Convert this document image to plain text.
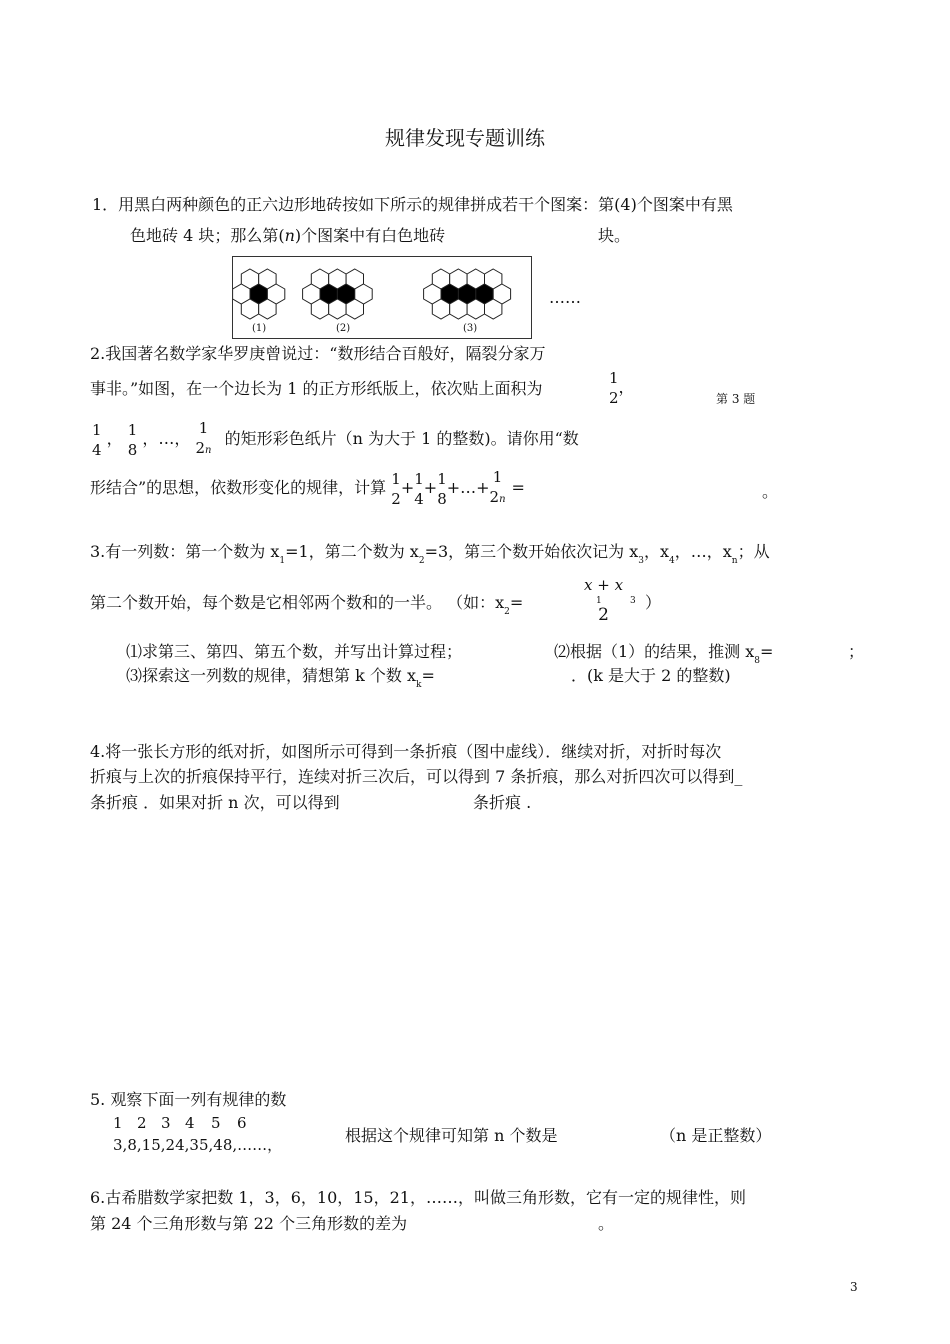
规律发现专题训练
1．用黑白两种颜色的正六边形地砖按如下所示的规律拼成若干个图案：第(4)个图案中有黑
色地砖 4 块；那么第(n)个图案中有白色地砖	块。
(1)	(2)	(3)
……
2.我国著名数学家华罗庚曾说过：“数形结合百般好，隔裂分家万
事非。”如图，在一个边长为 1 的正方形纸版上，依次贴上面积为
1
2
，
第 3 题
1
4
， 1
8
，…，
1
2n
的矩形彩色纸片（n 为大于 1 的整数)。请你用“数
形结合”的思想，依数形变化的规律，计算 1
2
+ 1
4
+ 1
8
+…+
1
2n
=	。
3.有一列数：第一个数为 $x_1=1$，第二个数为 $x_2=3$，第三个数开始依次记为 $x_3$，$x_4$，…，$x_n$；从
第二个数开始，每个数是它相邻两个数和的一半。 （如：$x_2=$
x + x
1	3
2
）
⑴求第三、第四、第五个数，并写出计算过程；	⑵根据（1）的结果，推测 $x_8=$	；
⑶探索这一列数的规律，猜想第 k 个数 $x_k=$	．(k 是大于 2 的整数)
4.将一张长方形的纸对折，如图所示可得到一条折痕（图中虚线）．继续对折，对折时每次
折痕与上次的折痕保持平行，连续对折三次后，可以得到 7 条折痕，那么对折四次可以得到_
条折痕 ．如果对折 n 次，可以得到	条折痕 .
5. 观察下面一列有规律的数
1 2 3 4 5 6
3,8,15,24,35,48,……，	根据这个规律可知第 n 个数是	（n 是正整数）
6.古希腊数学家把数 1，3，6，10，15，21，……，叫做三角形数，它有一定的规律性，则
第 24 个三角形数与第 22 个三角形数的差为	。
3
